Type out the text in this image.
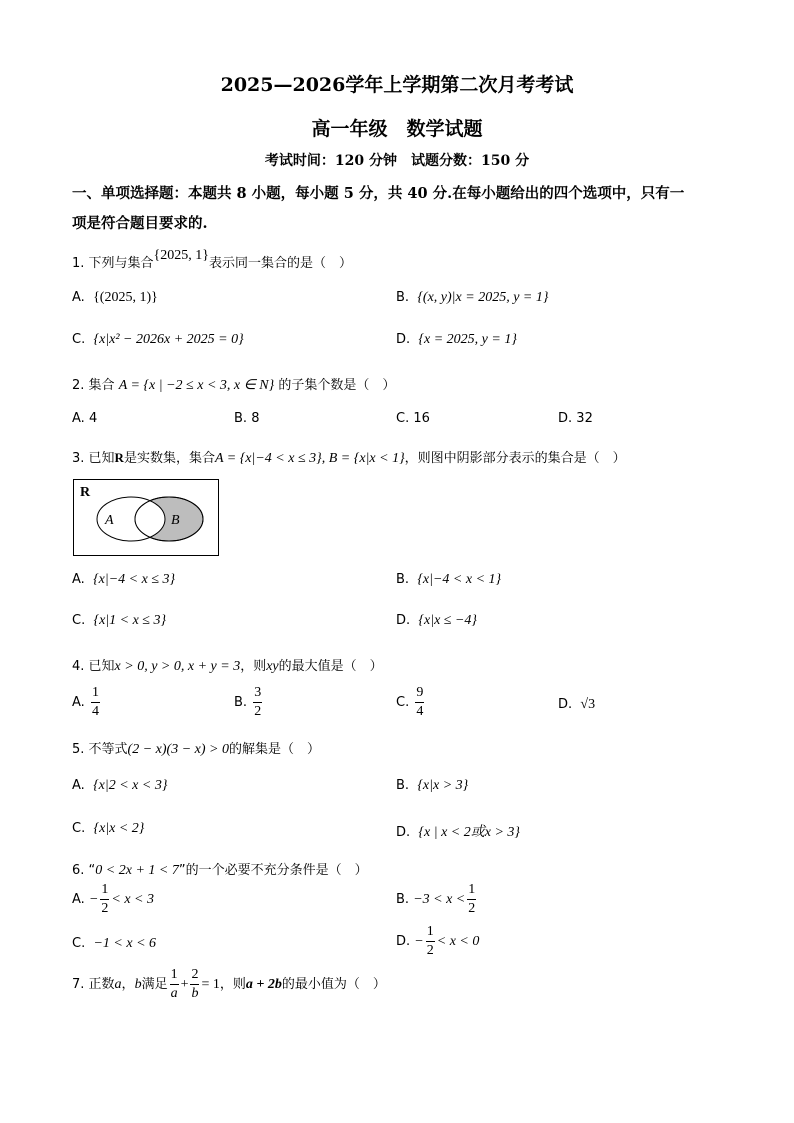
2025—2026学年上学期第二次月考考试
高一年级　数学试题
考试时间：120 分钟　试题分数：150 分
一、单项选择题：本题共 8 小题，每小题 5 分，共 40 分.在每小题给出的四个选项中，只有一
项是符合题目要求的.
1. 下列与集合{2025, 1}表示同一集合的是（　）
A. {(2025, 1)}	B. {(x, y)|x = 2025, y = 1}
C. {x|x² − 2026x + 2025 = 0}	D. {x = 2025, y = 1}
2. 集合 A = {x | −2 ≤ x < 3, x ∈ N} 的子集个数是（　）
A. 4	B. 8	C. 16	D. 32
3. 已知R是实数集，集合A = {x|−4 < x ≤ 3}, B = {x|x < 1}，则图中阴影部分表示的集合是（　）
R
A	B
A. {x|−4 < x ≤ 3}	B. {x|−4 < x < 1}
C. {x|1 < x ≤ 3}	D. {x|x ≤ −4}
4. 已知x > 0, y > 0, x + y = 3，则xy的最大值是（　）
A. $\frac{1}{4}$	B. $\frac{3}{2}$	C. $\frac{9}{4}$	D. √3
5. 不等式(2 − x)(3 − x) > 0的解集是（　）
A. {x|2 < x < 3}	B. {x|x > 3}
C. {x|x < 2}	D. {x | x < 2或x > 3}
6. “0 < 2x + 1 < 7”的一个必要不充分条件是（　）
A. − $\frac{1}{2} < x < 3$	B. $-3 < x < \frac{1}{2}$
C. −1 < x < 6	D. − $\frac{1}{2} < x < 0$
7. 正数a，b满足 $\frac{1}{a} + \frac{2}{b} = 1$，则a + 2b的最小值为（　）
